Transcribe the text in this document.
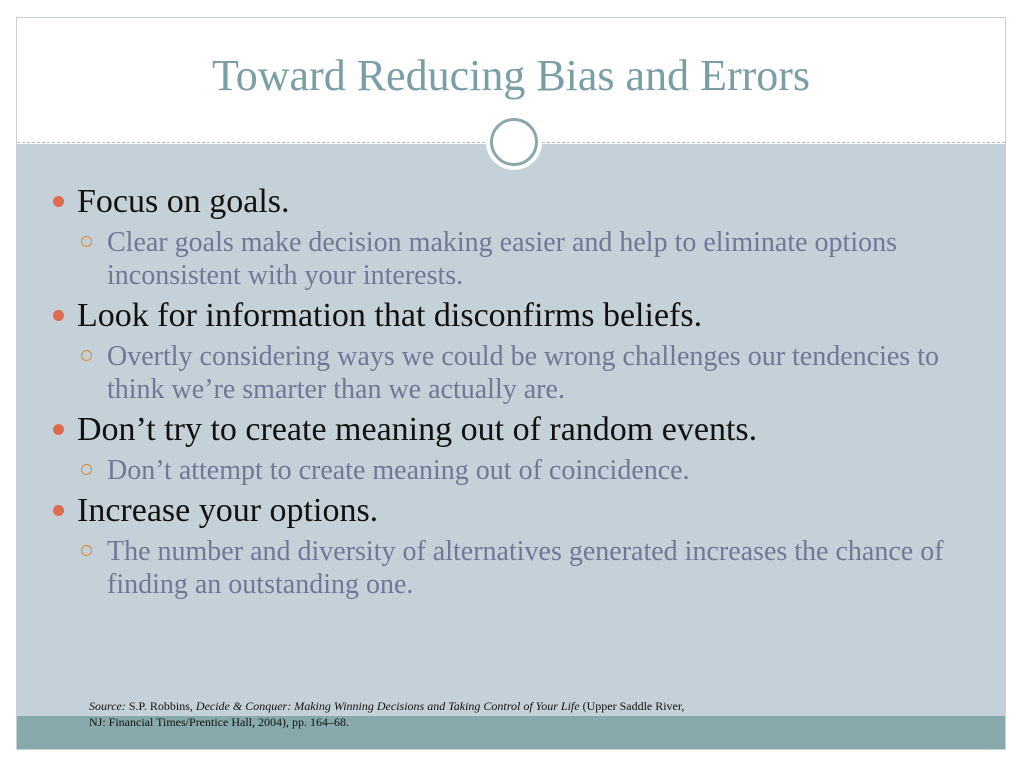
Toward Reducing Bias and Errors
Focus on goals.
Clear goals make decision making easier and help to eliminate options inconsistent with your interests.
Look for information that disconfirms beliefs.
Overtly considering ways we could be wrong challenges our tendencies to think we’re smarter than we actually are.
Don’t try to create meaning out of random events.
Don’t attempt to create meaning out of coincidence.
Increase your options.
The number and diversity of alternatives generated increases the chance of finding an outstanding one.
Source: S.P. Robbins, Decide & Conquer: Making Winning Decisions and Taking Control of Your Life (Upper Saddle River, NJ: Financial Times/Prentice Hall, 2004), pp. 164–68.
